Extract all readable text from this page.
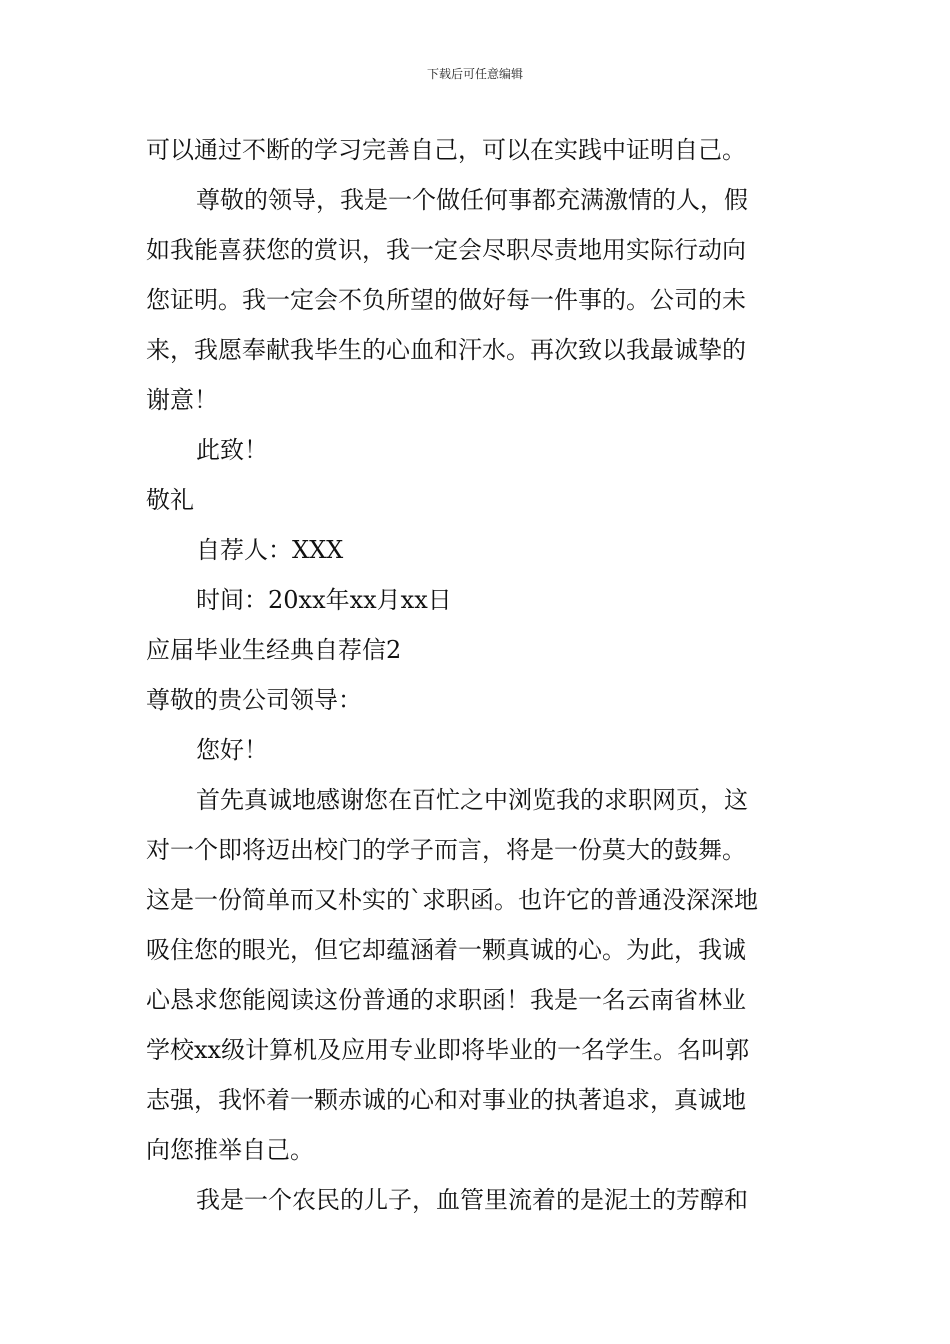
下载后可任意编辑
可以通过不断的学习完善自己，可以在实践中证明自己。
尊敬的领导，我是一个做任何事都充满激情的人，假
如我能喜获您的赏识，我一定会尽职尽责地用实际行动向
您证明。我一定会不负所望的做好每一件事的。公司的未
来，我愿奉献我毕生的心血和汗水。再次致以我最诚挚的
谢意！
此致！
敬礼
自荐人：XXX
时间：20xx年xx月xx日
应届毕业生经典自荐信2
尊敬的贵公司领导：
您好！
首先真诚地感谢您在百忙之中浏览我的求职网页，这
对一个即将迈出校门的学子而言，将是一份莫大的鼓舞。
这是一份简单而又朴实的`求职函。也许它的普通没深深地
吸住您的眼光，但它却蕴涵着一颗真诚的心。为此，我诚
心恳求您能阅读这份普通的求职函！我是一名云南省林业
学校xx级计算机及应用专业即将毕业的一名学生。名叫郭
志强，我怀着一颗赤诚的心和对事业的执著追求，真诚地
向您推举自己。
我是一个农民的儿子，血管里流着的是泥土的芳醇和
